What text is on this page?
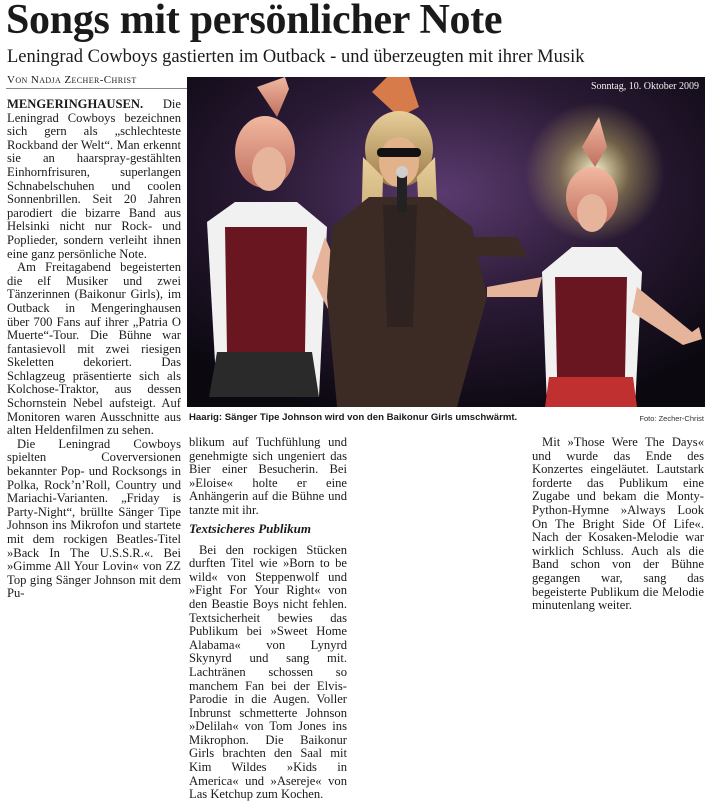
Songs mit persönlicher Note
Leningrad Cowboys gastierten im Outback - und überzeugten mit ihrer Musik
Von Nadja Zecher-Christ
Sonntag, 10. Oktober 2009
Haarig: Sänger Tipe Johnson wird von den Baikonur Girls umschwärmt.	Foto: Zecher-Christ

MENGERINGHAUSEN. Die Leningrad Cowboys bezeichnen sich gern als „schlechteste Rockband der Welt“. Man erkennt sie an haarspray-gestählten Einhornfrisuren, superlangen Schnabelschuhen und coolen Sonnenbrillen. Seit 20 Jahren parodiert die bizarre Band aus Helsinki nicht nur Rock- und Poplieder, sondern verleiht ihnen eine ganz persönliche Note.

Am Freitagabend begeisterten die elf Musiker und zwei Tänzerinnen (Baikonur Girls), im Outback in Mengeringhausen über 700 Fans auf ihrer „Patria O Muerte“-Tour. Die Bühne war fantasievoll mit zwei riesigen Skeletten dekoriert. Das Schlagzeug präsentierte sich als Kolchose-Traktor, aus dessen Schornstein Nebel aufsteigt. Auf Monitoren waren Ausschnitte aus alten Heldenfilmen zu sehen.

Die Leningrad Cowboys spielten Coverversionen bekannter Pop- und Rocksongs in Polka, Rock’n’Roll, Country und Mariachi-Varianten. „Friday is Party-Night“, brüllte Sänger Tipe Johnson ins Mikrofon und startete mit dem rockigen Beatles-Titel »Back In The U.S.S.R.«. Bei »Gimme All Your Lovin« von ZZ Top ging Sänger Johnson mit dem Pu-

blikum auf Tuchfühlung und genehmigte sich ungeniert das Bier einer Besucherin. Bei »Eloise« holte er eine Anhängerin auf die Bühne und tanzte mit ihr.

Textsicheres Publikum

Bei den rockigen Stücken durften Titel wie »Born to be wild« von Steppenwolf und »Fight For Your Right« von den Beastie Boys nicht fehlen. Textsicherheit bewies das Publikum bei »Sweet Home Alabama« von Lynyrd Skynyrd und sang mit. Lachtränen schossen so manchem Fan bei der Elvis-Parodie in die Augen. Voller Inbrunst schmetterte Johnson »Delilah« von Tom Jones ins Mikrophon. Die Baikonur Girls brachten den Saal mit Kim Wildes »Kids in America« und »Asereje« von Las Ketchup zum Kochen.

Mit »Those Were The Days« und wurde das Ende des Konzertes eingeläutet. Lautstark forderte das Publikum eine Zugabe und bekam die Monty-Python-Hymne »Always Look On The Bright Side Of Life«. Nach der Kosaken-Melodie war wirklich Schluss. Auch als die Band schon von der Bühne gegangen war, sang das begeisterte Publikum die Melodie minutenlang weiter.
